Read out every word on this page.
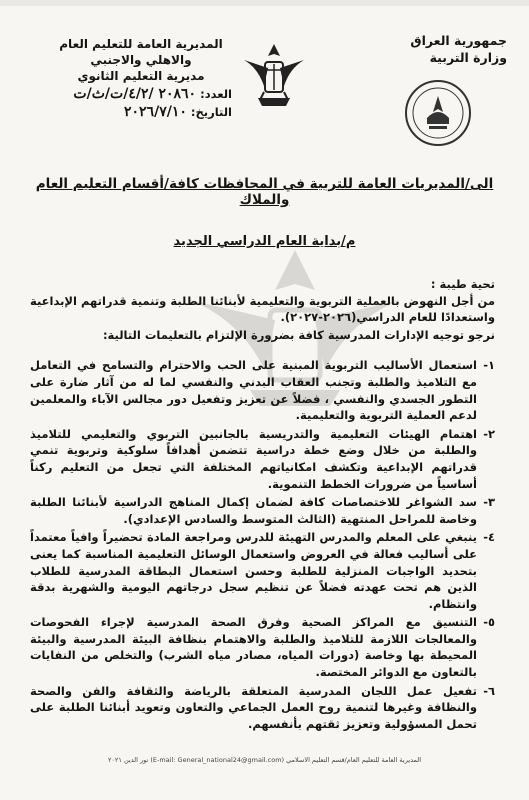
جمهورية العراق
وزارة التربية
المديرية العامة للتعليم العام
والاهلي والاجنبي
مديرية التعليم الثانوي
العدد: ٢٠٨٦٠ /٤/٢/ت/ث/ت
التاريخ: ٢٠٢٦/٧/١٠
الى/المديريات العامة للتربية في المحافظات كافة/أقسام التعليم العام والملاك
م/بداية العام الدراسي الجديد

تحية طيبة :

من أجل النهوض بالعملية التربوية والتعليمية لأبنائنا الطلبة وتنمية قدراتهم الإبداعية واستعدادًا للعام الدراسي(٢٠٢٦-٢٠٢٧).

نرجو توجيه الإدارات المدرسية كافة بضرورة الإلتزام بالتعليمات التالية:

١-
استعمال الأساليب التربوية المبنية على الحب والاحترام والتسامح في التعامل مع التلاميذ والطلبة وتجنب العقاب البدني والنفسي لما له من آثار ضارة على التطور الجسدي والنفسي ، فضلاً عن تعزيز وتفعيل دور مجالس الآباء والمعلمين لدعم العملية التربوية والتعليمية.
٢-
اهتمام الهيئات التعليمية والتدريسية بالجانبين التربوي والتعليمي للتلاميذ والطلبة من خلال وضع خطة دراسية تتضمن أهدافاً سلوكية وتربوية تنمي قدراتهم الإبداعية وتكشف امكانياتهم المختلفة التي تجعل من التعليم ركناً أساسياً من ضرورات الخطط التنموية.
٣-
سد الشواغر للاختصاصات كافة لضمان إكمال المناهج الدراسية لأبنائنا الطلبة وخاصة للمراحل المنتهية (الثالث المتوسط والسادس الإعدادي).
٤-
ينبغي على المعلم والمدرس التهيئة للدرس ومراجعة المادة تحضيراً وافياً معتمداً على أساليب فعالة في العروض واستعمال الوسائل التعليمية المناسبة كما يعنى بتحديد الواجبات المنزلية للطلبة وحسن استعمال البطاقة المدرسية للطلاب الذين هم تحت عهدته فضلاً عن تنظيم سجل درجاتهم اليومية والشهرية بدقة وانتظام.
٥-
التنسيق مع المراكز الصحية وفرق الصحة المدرسية لإجراء الفحوصات والمعالجات اللازمة للتلاميذ والطلبة والاهتمام بنظافة البيئة المدرسية والبيئة المحيطة بها وخاصة (دورات المياه، مصادر مياه الشرب) والتخلص من النفايات بالتعاون مع الدوائر المختصة.
٦-
تفعيل عمل اللجان المدرسية المتعلقة بالرياضة والثقافة والفن والصحة والنظافة وغيرها لتنمية روح العمل الجماعي والتعاون وتعويد أبنائنا الطلبة على تحمل المسؤولية وتعزيز ثقتهم بأنفسهم.
المديرية العامة للتعليم العام/قسم التعليم الاسلامي (E-mail: General_national24@gmail.com) نور الدين ٢٠٢١
